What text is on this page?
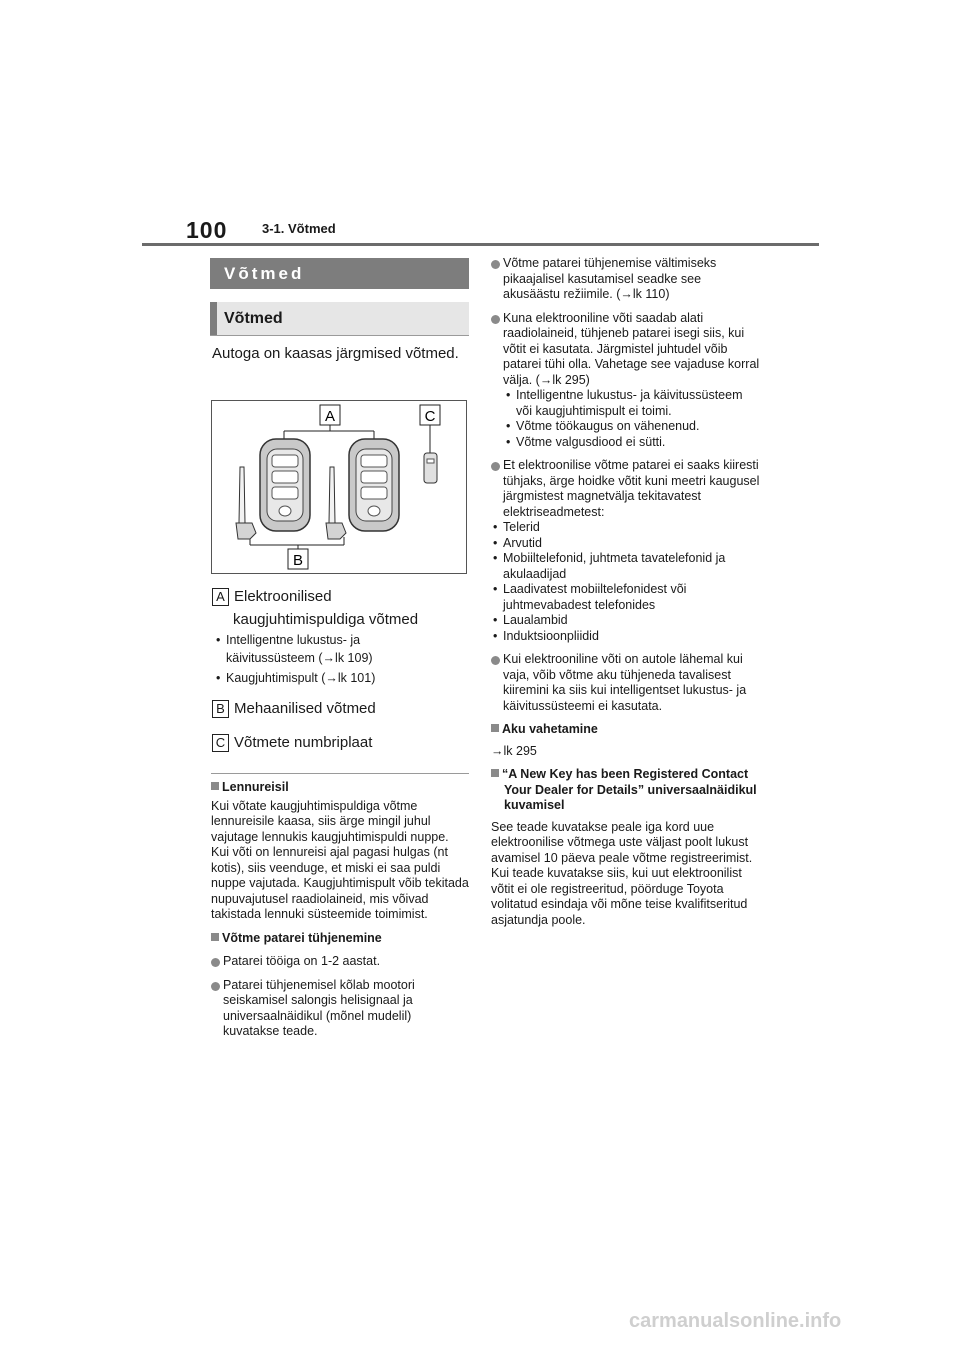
100	3-1. Võtmed
Võtmed
Võtmed
Autoga on kaasas järgmised võtmed.
A	C
B
A Elektroonilised
kaugjuhtimispuldiga võtmed
• Intelligentne lukustus- ja
käivitussüsteem (→lk 109)
• Kaugjuhtimispult (→lk 101)
B Mehaanilised võtmed
C Võtmete numbriplaat

Lennureisil

Kui võtate kaugjuhtimispuldiga võtme lennureisile kaasa, siis ärge mingil juhul vajutage lennukis kaugjuhtimispuldi nuppe. Kui võti on lennureisi ajal pagasi hulgas (nt kotis), siis veenduge, et miski ei saa puldi nuppe vajutada. Kaugjuhtimispult võib tekitada nupuvajutusel raadiolaineid, mis võivad takistada lennuki süsteemide toimimist.

Võtme patarei tühjenemine

Patarei tööiga on 1-2 aastat.

Patarei tühjenemisel kõlab mootori seiskamisel salongis helisignaal ja universaalnäidikul (mõnel mudelil) kuvatakse teade.

Võtme patarei tühjenemise vältimiseks pikaajalisel kasutamisel seadke see akusäästu režiimile. (→lk 110)

Kuna elektrooniline võti saadab alati raadiolaineid, tühjeneb patarei isegi siis, kui võtit ei kasutata. Järgmistel juhtudel võib patarei tühi olla. Vahetage see vajaduse korral välja. (→lk 295)

• Intelligentne lukustus- ja käivitussüsteem või kaugjuhtimispult ei toimi.

• Võtme töökaugus on vähenenud.

• Võtme valgusdiood ei sütti.

Et elektroonilise võtme patarei ei saaks kiiresti tühjaks, ärge hoidke võtit kuni meetri kaugusel järgmistest magnetvälja tekitavatest elektriseadmetest:

• Telerid

• Arvutid

• Mobiiltelefonid, juhtmeta tavatelefonid ja akulaadijad

• Laadivatest mobiiltelefonidest või juhtmevabadest telefonides

• Laualambid

• Induktsioonpliidid

Kui elektrooniline võti on autole lähemal kui vaja, võib võtme aku tühjeneda tavalisest kiiremini ka siis kui intelligentset lukustus- ja käivitussüsteemi ei kasutata.

Aku vahetamine

→lk 295

“A New Key has been Registered Contact Your Dealer for Details” universaalnäidikul kuvamisel

See teade kuvatakse peale iga kord uue elektroonilise võtmega uste väljast poolt lukust avamisel 10 päeva peale võtme registreerimist. Kui teade kuvatakse siis, kui uut elektroonilist võtit ei ole registreeritud, pöörduge Toyota volitatud esindaja või mõne teise kvalifitseritud asjatundja poole.

carmanualsonline.info
